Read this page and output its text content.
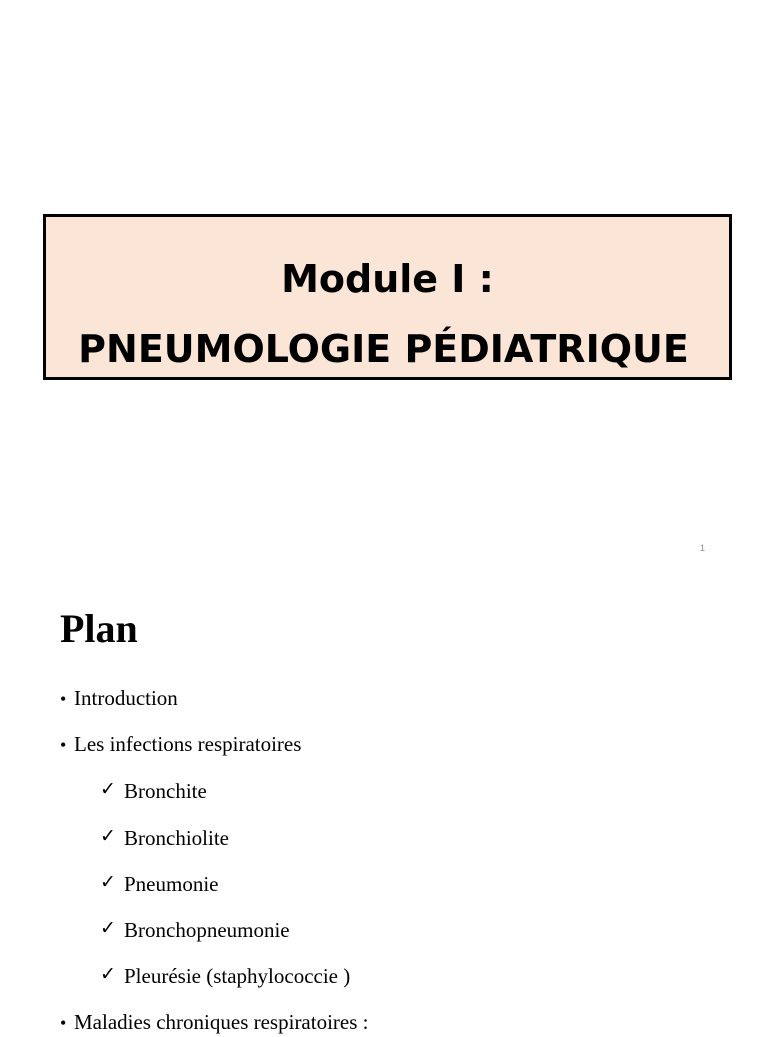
Module I :
PNEUMOLOGIE PÉDIATRIQUE
1
Plan
• Introduction
• Les infections respiratoires
✓ Bronchite
✓ Bronchiolite
✓ Pneumonie
✓ Bronchopneumonie
✓ Pleurésie (staphylococcie )
• Maladies chroniques respiratoires :
